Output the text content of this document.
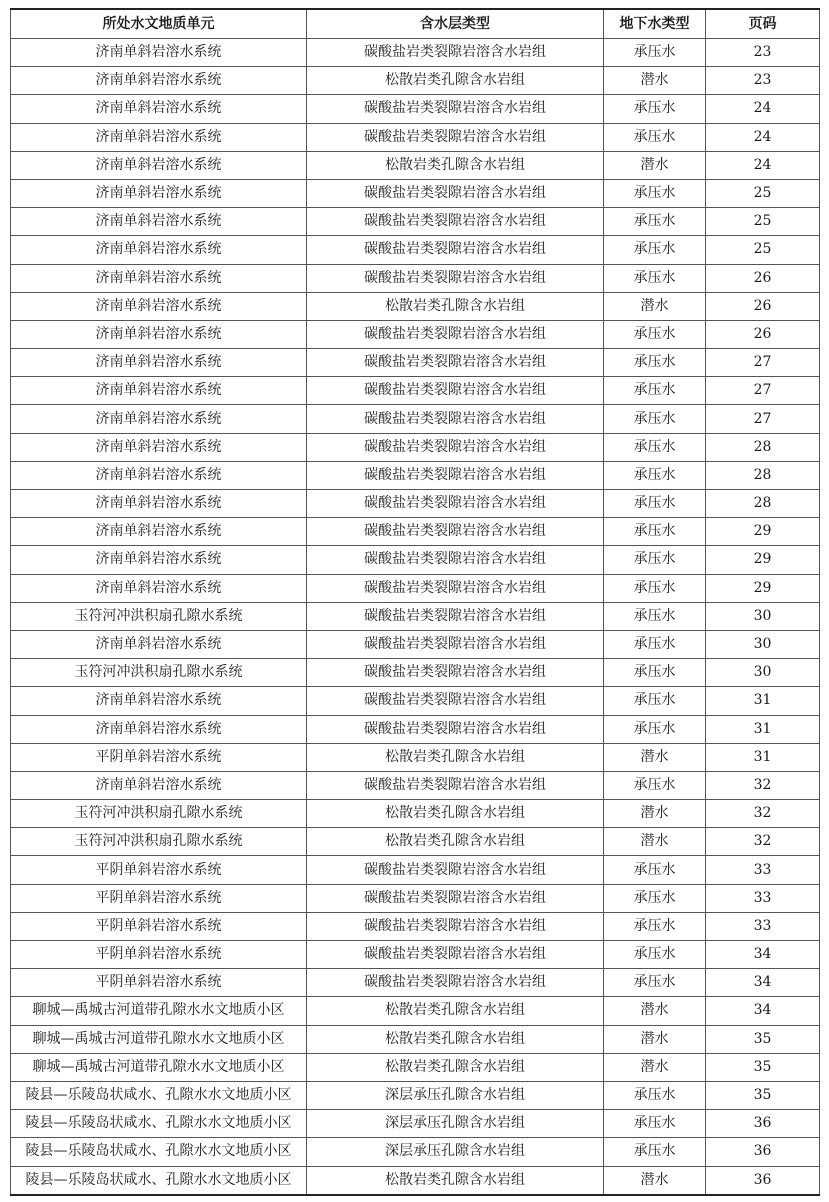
所处水文地质单元	含水层类型	地下水类型	页码
济南单斜岩溶水系统	碳酸盐岩类裂隙岩溶含水岩组	承压水	23
济南单斜岩溶水系统	松散岩类孔隙含水岩组	潜水	23
济南单斜岩溶水系统	碳酸盐岩类裂隙岩溶含水岩组	承压水	24
济南单斜岩溶水系统	碳酸盐岩类裂隙岩溶含水岩组	承压水	24
济南单斜岩溶水系统	松散岩类孔隙含水岩组	潜水	24
济南单斜岩溶水系统	碳酸盐岩类裂隙岩溶含水岩组	承压水	25
济南单斜岩溶水系统	碳酸盐岩类裂隙岩溶含水岩组	承压水	25
济南单斜岩溶水系统	碳酸盐岩类裂隙岩溶含水岩组	承压水	25
济南单斜岩溶水系统	碳酸盐岩类裂隙岩溶含水岩组	承压水	26
济南单斜岩溶水系统	松散岩类孔隙含水岩组	潜水	26
济南单斜岩溶水系统	碳酸盐岩类裂隙岩溶含水岩组	承压水	26
济南单斜岩溶水系统	碳酸盐岩类裂隙岩溶含水岩组	承压水	27
济南单斜岩溶水系统	碳酸盐岩类裂隙岩溶含水岩组	承压水	27
济南单斜岩溶水系统	碳酸盐岩类裂隙岩溶含水岩组	承压水	27
济南单斜岩溶水系统	碳酸盐岩类裂隙岩溶含水岩组	承压水	28
济南单斜岩溶水系统	碳酸盐岩类裂隙岩溶含水岩组	承压水	28
济南单斜岩溶水系统	碳酸盐岩类裂隙岩溶含水岩组	承压水	28
济南单斜岩溶水系统	碳酸盐岩类裂隙岩溶含水岩组	承压水	29
济南单斜岩溶水系统	碳酸盐岩类裂隙岩溶含水岩组	承压水	29
济南单斜岩溶水系统	碳酸盐岩类裂隙岩溶含水岩组	承压水	29
玉符河冲洪积扇孔隙水系统	碳酸盐岩类裂隙岩溶含水岩组	承压水	30
济南单斜岩溶水系统	碳酸盐岩类裂隙岩溶含水岩组	承压水	30
玉符河冲洪积扇孔隙水系统	碳酸盐岩类裂隙岩溶含水岩组	承压水	30
济南单斜岩溶水系统	碳酸盐岩类裂隙岩溶含水岩组	承压水	31
济南单斜岩溶水系统	碳酸盐岩类裂隙岩溶含水岩组	承压水	31
平阴单斜岩溶水系统	松散岩类孔隙含水岩组	潜水	31
济南单斜岩溶水系统	碳酸盐岩类裂隙岩溶含水岩组	承压水	32
玉符河冲洪积扇孔隙水系统	松散岩类孔隙含水岩组	潜水	32
玉符河冲洪积扇孔隙水系统	松散岩类孔隙含水岩组	潜水	32
平阴单斜岩溶水系统	碳酸盐岩类裂隙岩溶含水岩组	承压水	33
平阴单斜岩溶水系统	碳酸盐岩类裂隙岩溶含水岩组	承压水	33
平阴单斜岩溶水系统	碳酸盐岩类裂隙岩溶含水岩组	承压水	33
平阴单斜岩溶水系统	碳酸盐岩类裂隙岩溶含水岩组	承压水	34
平阴单斜岩溶水系统	碳酸盐岩类裂隙岩溶含水岩组	承压水	34
聊城—禹城古河道带孔隙水水文地质小区	松散岩类孔隙含水岩组	潜水	34
聊城—禹城古河道带孔隙水水文地质小区	松散岩类孔隙含水岩组	潜水	35
聊城—禹城古河道带孔隙水水文地质小区	松散岩类孔隙含水岩组	潜水	35
陵县—乐陵岛状咸水、孔隙水水文地质小区	深层承压孔隙含水岩组	承压水	35
陵县—乐陵岛状咸水、孔隙水水文地质小区	深层承压孔隙含水岩组	承压水	36
陵县—乐陵岛状咸水、孔隙水水文地质小区	深层承压孔隙含水岩组	承压水	36
陵县—乐陵岛状咸水、孔隙水水文地质小区	松散岩类孔隙含水岩组	潜水	36
